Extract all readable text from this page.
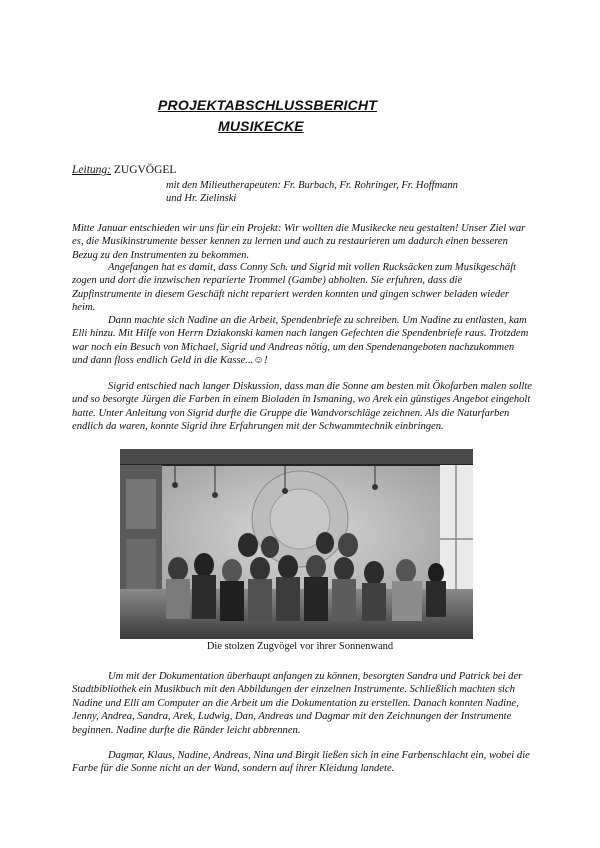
PROJEKTABSCHLUSSBERICHT
MUSIKECKE
Leitung: ZUGVÖGEL
mit den Milieutherapeuten: Fr. Burbach, Fr. Rohringer, Fr. Hoffmann
und Hr. Zielinski

Mitte Januar entschieden wir uns für ein Projekt: Wir wollten die Musikecke neu gestalten! Unser Ziel war es, die Musikinstrumente besser kennen zu lernen und auch zu restaurieren um dadurch einen besseren Bezug zu den Instrumenten zu bekommen.

Angefangen hat es damit, dass Conny Sch. und Sigrid mit vollen Rucksäcken zum Musikgeschäft zogen und dort die inzwischen reparierte Trommel (Gambe) abholten. Sie erfuhren, dass die Zupfinstrumente in diesem Geschäft nicht repariert werden konnten und gingen schwer beladen wieder heim.

Dann machte sich Nadine an die Arbeit, Spendenbriefe zu schreiben. Um Nadine zu entlasten, kam Elli hinzu. Mit Hilfe von Herrn Dziakonski kamen nach langen Gefechten die Spendenbriefe raus. Trotzdem war noch ein Besuch von Michael, Sigrid und Andreas nötig, um den Spendenangeboten nachzukommen und dann floss endlich Geld in die Kasse...☺!

Sigrid entschied nach langer Diskussion, dass man die Sonne am besten mit Ökofarben malen sollte und so besorgte Jürgen die Farben in einem Bioladen in Ismaning, wo Arek ein günstiges Angebot eingeholt hatte. Unter Anleitung von Sigrid durfte die Gruppe die Wandvorschläge zeichnen. Als die Naturfarben endlich da waren, konnte Sigrid ihre Erfahrungen mit der Schwammtechnik einbringen.

Die stolzen Zugvögel vor ihrer Sonnenwand

Um mit der Dokumentation überhaupt anfangen zu können, besorgten Sandra und Patrick bei der Stadtbibliothek ein Musikbuch mit den Abbildungen der einzelnen Instrumente. Schließlich machten sich Nadine und Elli am Computer an die Arbeit um die Dokumentation zu erstellen. Danach konnten Nadine, Jenny, Andrea, Sandra, Arek, Ludwig, Dan, Andreas und Dagmar mit den Zeichnungen der Instrumente beginnen. Nadine durfte die Ränder leicht abbrennen.

Dagmar, Klaus, Nadine, Andreas, Nina und Birgit ließen sich in eine Farbenschlacht ein, wobei die Farbe für die Sonne nicht an der Wand, sondern auf ihrer Kleidung landete.
